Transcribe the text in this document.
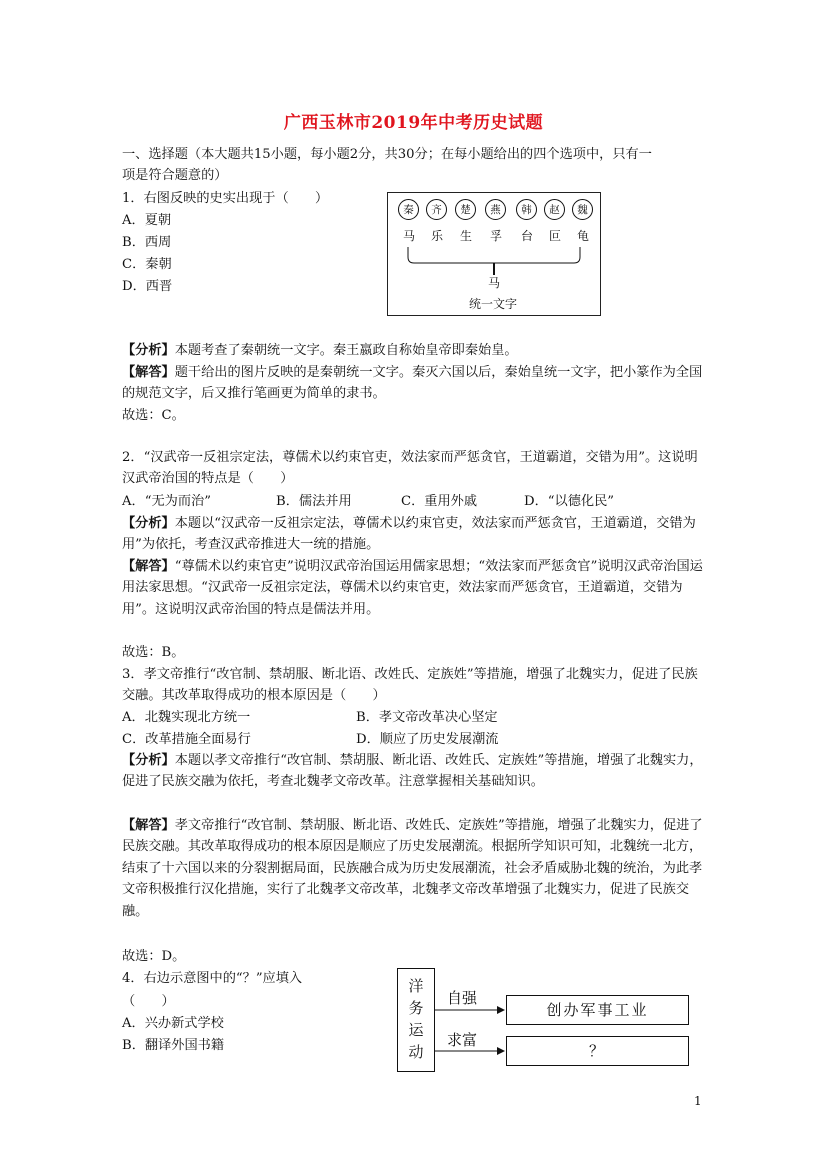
广西玉林市2019年中考历史试题
一、选择题（本大题共15小题，每小题2分，共30分；在每小题给出的四个选项中，只有一
项是符合题意的）
1．右图反映的史实出现于（　　）
A．夏朝
B．西周
C．秦朝
D．西晋
秦	齐	楚	燕	韩	赵	魏
马	乐	生	孚	台	叵	龟
马
统一文字

【分析】本题考查了秦朝统一文字。秦王嬴政自称始皇帝即秦始皇。

【解答】题干给出的图片反映的是秦朝统一文字。秦灭六国以后，秦始皇统一文字，把小篆作为全国的规范文字，后又推行笔画更为简单的隶书。

故选：C。

2．“汉武帝一反祖宗定法，尊儒术以约束官吏，效法家而严惩贪官，王道霸道，交错为用”。这说明汉武帝治国的特点是（　　）

A．“无为而治”	B．儒法并用	C．重用外戚	D．“以德化民”

【分析】本题以“汉武帝一反祖宗定法，尊儒术以约束官吏，效法家而严惩贪官，王道霸道，交错为用”为依托，考查汉武帝推进大一统的措施。

【解答】“尊儒术以约束官吏”说明汉武帝治国运用儒家思想；“效法家而严惩贪官”说明汉武帝治国运用法家思想。“汉武帝一反祖宗定法，尊儒术以约束官吏，效法家而严惩贪官，王道霸道，交错为用”。这说明汉武帝治国的特点是儒法并用。

故选：B。

3．孝文帝推行“改官制、禁胡服、断北语、改姓氏、定族姓”等措施，增强了北魏实力，促进了民族交融。其改革取得成功的根本原因是（　　）

A．北魏实现北方统一	B．孝文帝改革决心坚定
C．改革措施全面易行	D．顺应了历史发展潮流

【分析】本题以孝文帝推行“改官制、禁胡服、断北语、改姓氏、定族姓”等措施，增强了北魏实力，促进了民族交融为依托，考查北魏孝文帝改革。注意掌握相关基础知识。

【解答】孝文帝推行“改官制、禁胡服、断北语、改姓氏、定族姓”等措施，增强了北魏实力，促进了民族交融。其改革取得成功的根本原因是顺应了历史发展潮流。根据所学知识可知，北魏统一北方，结束了十六国以来的分裂割据局面，民族融合成为历史发展潮流，社会矛盾威胁北魏的统治，为此孝文帝积极推行汉化措施，实行了北魏孝文帝改革，北魏孝文帝改革增强了北魏实力，促进了民族交融。

故选：D。
4．右边示意图中的“？”应填入
（　　）
A．兴办新式学校
B．翻译外国书籍
洋
务
运
动
自强
求富
创办军事工业
？
1
